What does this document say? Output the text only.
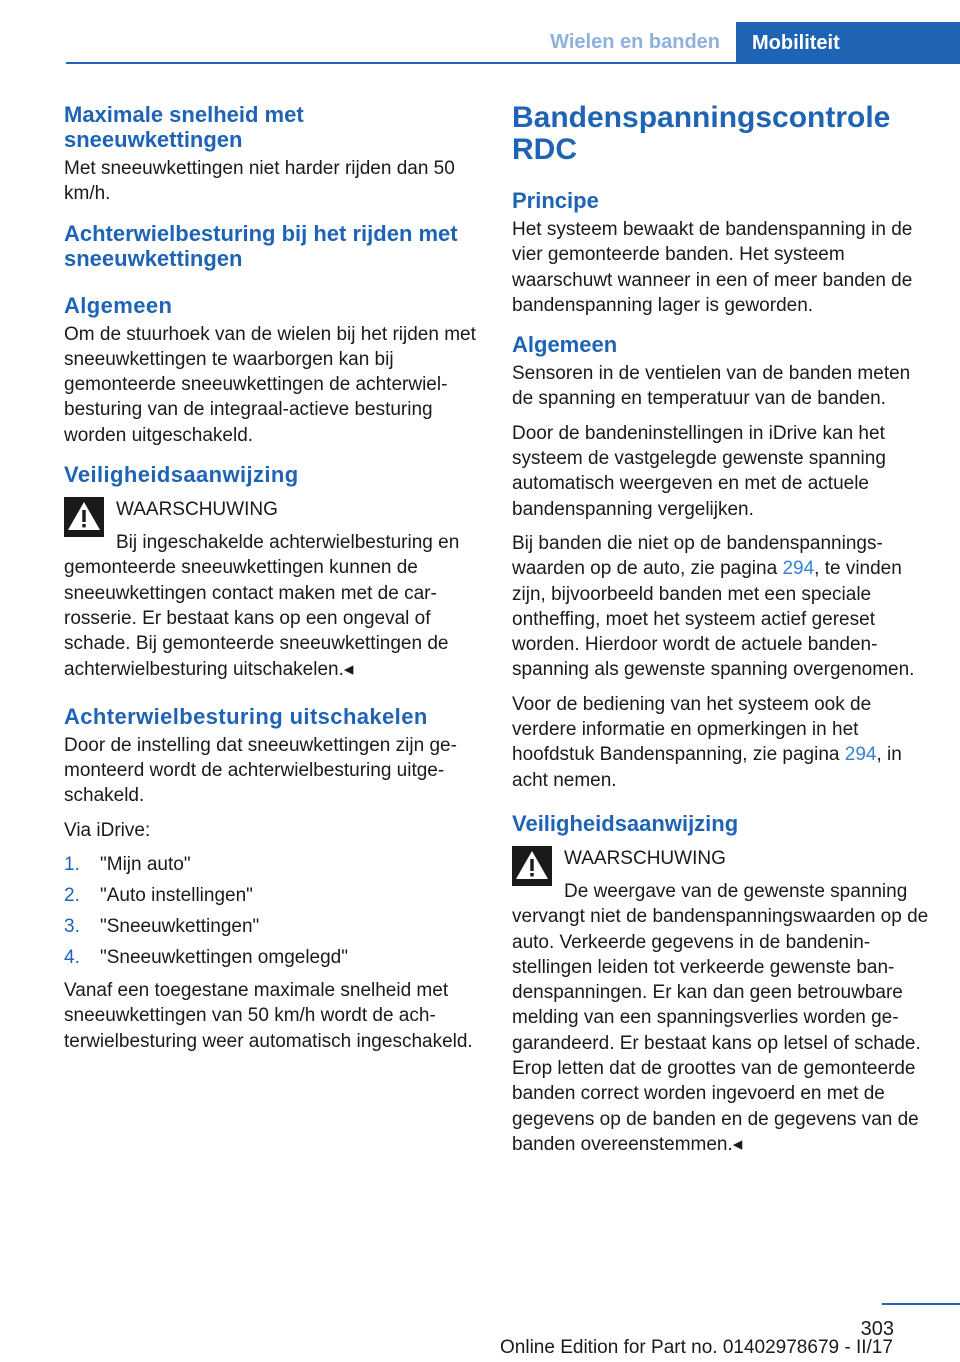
Wielen en banden	Mobiliteit
Maximale snelheid met sneeuwkettingen

Met sneeuwkettingen niet harder rijden dan 50 km/h.

Achterwielbesturing bij het rijden met sneeuwkettingen
Algemeen

Om de stuurhoek van de wielen bij het rijden met sneeuwkettingen te waarborgen kan bij gemonteerde sneeuwkettingen de achterwielbesturing van de integraal-actieve besturing worden uitgeschakeld.

Veiligheidsaanwijzing
WAARSCHUWING

Bij ingeschakelde achterwielbesturing en gemonteerde sneeuwkettingen kunnen de sneeuwkettingen contact maken met de carrosserie. Er bestaat kans op een ongeval of schade. Bij gemonteerde sneeuwkettingen de achterwielbesturing uitschakelen.◂

Achterwielbesturing uitschakelen

Door de instelling dat sneeuwkettingen zijn gemonteerd wordt de achterwielbesturing uitgeschakeld.

Via iDrive:

1. "Mijn auto"
2. "Auto instellingen"
3. "Sneeuwkettingen"
4. "Sneeuwkettingen omgelegd"

Vanaf een toegestane maximale snelheid met sneeuwkettingen van 50 km/h wordt de achterwielbesturing weer automatisch ingeschakeld.

Bandenspanningscontrole RDC
Principe

Het systeem bewaakt de bandenspanning in de vier gemonteerde banden. Het systeem waarschuwt wanneer in een of meer banden de bandenspanning lager is geworden.

Algemeen

Sensoren in de ventielen van de banden meten de spanning en temperatuur van de banden.

Door de bandeninstellingen in iDrive kan het systeem de vastgelegde gewenste spanning automatisch weergeven en met de actuele bandenspanning vergelijken.

Bij banden die niet op de bandenspanningswaarden op de auto, zie pagina 294, te vinden zijn, bijvoorbeeld banden met een speciale ontheffing, moet het systeem actief gereset worden. Hierdoor wordt de actuele bandenspanning als gewenste spanning overgenomen.

Voor de bediening van het systeem ook de verdere informatie en opmerkingen in het hoofdstuk Bandenspanning, zie pagina 294, in acht nemen.

Veiligheidsaanwijzing
WAARSCHUWING

De weergave van de gewenste spanning vervangt niet de bandenspanningswaarden op de auto. Verkeerde gegevens in de bandeninstellingen leiden tot verkeerde gewenste bandenspanningen. Er kan dan geen betrouwbare melding van een spanningsverlies worden gegarandeerd. Er bestaat kans op letsel of schade. Erop letten dat de groottes van de gemonteerde banden correct worden ingevoerd en met de gegevens op de banden en de gegevens van de banden overeenstemmen.◂

303
Online Edition for Part no. 01402978679 - II/17
